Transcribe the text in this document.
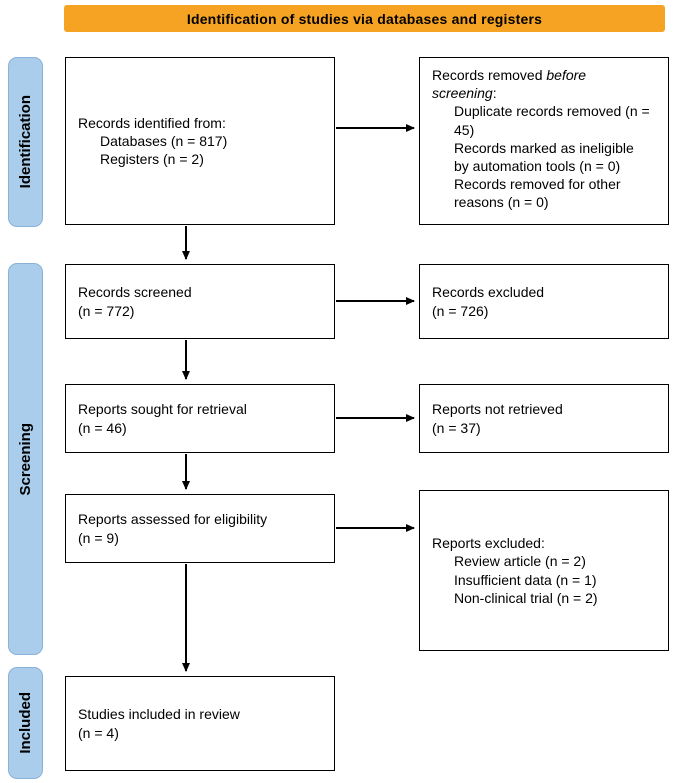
Identification of studies via databases and registers
Identification
Screening
Included
Records identified from:
Databases (n = 817)
Registers (n = 2)
Records removed before screening:
Duplicate records removed (n = 45)
Records marked as ineligible by automation tools (n = 0)
Records removed for other reasons (n = 0)
Records screened
(n = 772)
Records excluded
(n = 726)
Reports sought for retrieval
(n = 46)
Reports not retrieved
(n = 37)
Reports assessed for eligibility
(n = 9)	Reports excluded:
Review article (n = 2)
Insufficient data (n = 1)
Non-clinical trial (n = 2)
Studies included in review
(n = 4)
